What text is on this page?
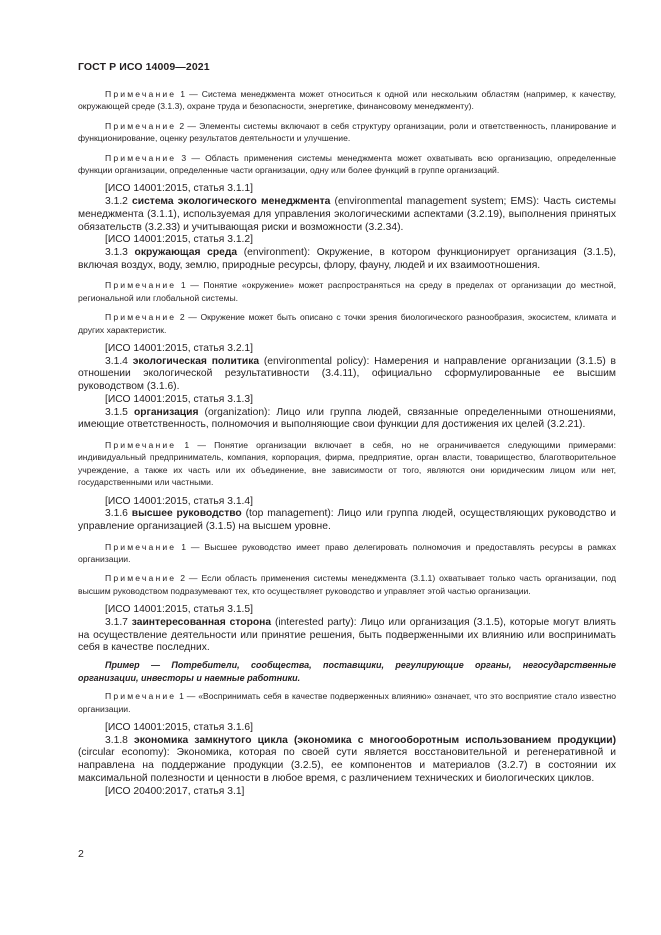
ГОСТ Р ИСО 14009—2021

Примечание 1 — Система менеджмента может относиться к одной или нескольким областям (например, к качеству, окружающей среде (3.1.3), охране труда и безопасности, энергетике, финансовому менеджменту).

Примечание 2 — Элементы системы включают в себя структуру организации, роли и ответственность, планирование и функционирование, оценку результатов деятельности и улучшение.

Примечание 3 — Область применения системы менеджмента может охватывать всю организацию, определенные функции организации, определенные части организации, одну или более функций в группе организаций.

[ИСО 14001:2015, статья 3.1.1]

3.1.2 система экологического менеджмента (environmental management system; EMS): Часть системы менеджмента (3.1.1), используемая для управления экологическими аспектами (3.2.19), выполнения принятых обязательств (3.2.33) и учитывающая риски и возможности (3.2.34).

[ИСО 14001:2015, статья 3.1.2]

3.1.3 окружающая среда (environment): Окружение, в котором функционирует организация (3.1.5), включая воздух, воду, землю, природные ресурсы, флору, фауну, людей и их взаимоотношения.

Примечание 1 — Понятие «окружение» может распространяться на среду в пределах от организации до местной, региональной или глобальной системы.

Примечание 2 — Окружение может быть описано с точки зрения биологического разнообразия, экосистем, климата и других характеристик.

[ИСО 14001:2015, статья 3.2.1]

3.1.4 экологическая политика (environmental policy): Намерения и направление организации (3.1.5) в отношении экологической результативности (3.4.11), официально сформулированные ее высшим руководством (3.1.6).

[ИСО 14001:2015, статья 3.1.3]

3.1.5 организация (organization): Лицо или группа людей, связанные определенными отношениями, имеющие ответственность, полномочия и выполняющие свои функции для достижения их целей (3.2.21).

Примечание 1 — Понятие организации включает в себя, но не ограничивается следующими примерами: индивидуальный предприниматель, компания, корпорация, фирма, предприятие, орган власти, товарищество, благотворительное учреждение, а также их часть или их объединение, вне зависимости от того, являются они юридическим лицом или нет, государственными или частными.

[ИСО 14001:2015, статья 3.1.4]

3.1.6 высшее руководство (top management): Лицо или группа людей, осуществляющих руководство и управление организацией (3.1.5) на высшем уровне.

Примечание 1 — Высшее руководство имеет право делегировать полномочия и предоставлять ресурсы в рамках организации.

Примечание 2 — Если область применения системы менеджмента (3.1.1) охватывает только часть организации, под высшим руководством подразумевают тех, кто осуществляет руководство и управляет этой частью организации.

[ИСО 14001:2015, статья 3.1.5]

3.1.7 заинтересованная сторона (interested party): Лицо или организация (3.1.5), которые могут влиять на осуществление деятельности или принятие решения, быть подверженными их влиянию или воспринимать себя в качестве последних.

Пример — Потребители, сообщества, поставщики, регулирующие органы, негосударственные организации, инвесторы и наемные работники.

Примечание 1 — «Воспринимать себя в качестве подверженных влиянию» означает, что это восприятие стало известно организации.

[ИСО 14001:2015, статья 3.1.6]

3.1.8 экономика замкнутого цикла (экономика с многооборотным использованием продукции) (circular economy): Экономика, которая по своей сути является восстановительной и регенеративной и направлена на поддержание продукции (3.2.5), ее компонентов и материалов (3.2.7) в состоянии их максимальной полезности и ценности в любое время, с различением технических и биологических циклов.

[ИСО 20400:2017, статья 3.1]

2
